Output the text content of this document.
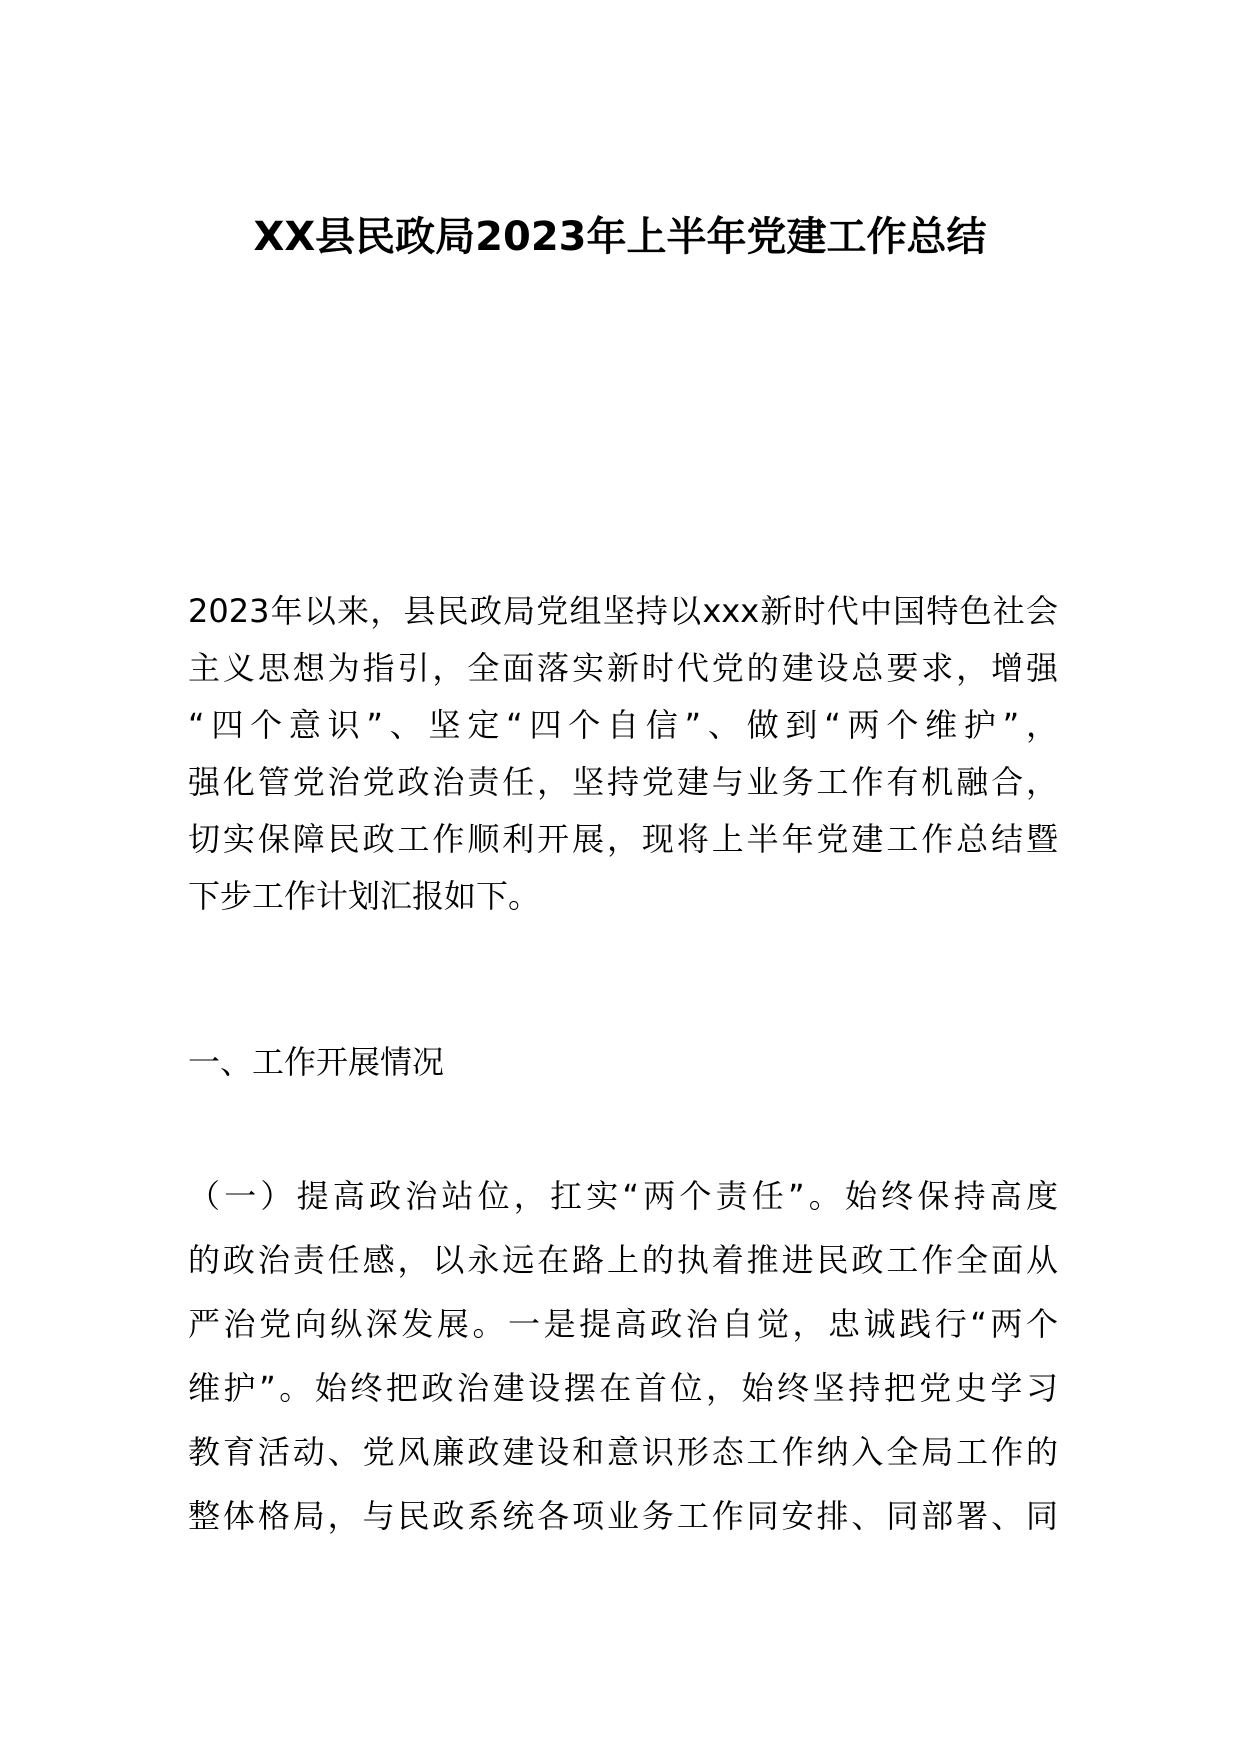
XX县民政局2023年上半年党建工作总结
2023年以来，县民政局党组坚持以xxx新时代中国特色社会
主义思想为指引，全面落实新时代党的建设总要求，增强
“四个意识”、坚定“四个自信”、做到“两个维护”，
强化管党治党政治责任，坚持党建与业务工作有机融合，
切实保障民政工作顺利开展，现将上半年党建工作总结暨
下步工作计划汇报如下。
一、工作开展情况
（一）提高政治站位，扛实“两个责任”。始终保持高度
的政治责任感，以永远在路上的执着推进民政工作全面从
严治党向纵深发展。一是提高政治自觉，忠诚践行“两个
维护”。始终把政治建设摆在首位，始终坚持把党史学习
教育活动、党风廉政建设和意识形态工作纳入全局工作的
整体格局，与民政系统各项业务工作同安排、同部署、同
